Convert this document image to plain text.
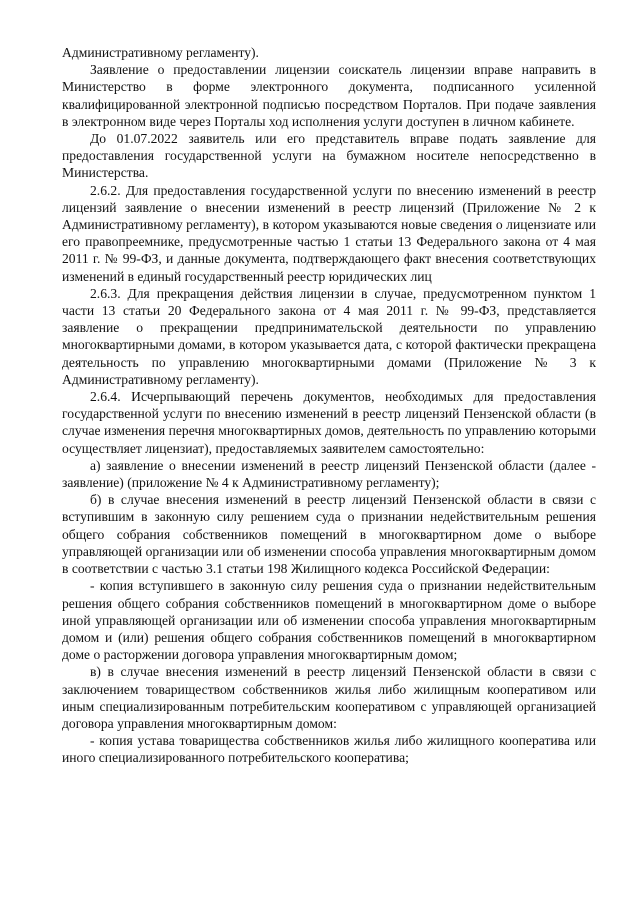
Административному регламенту).

Заявление о предоставлении лицензии соискатель лицензии вправе направить в Министерство в форме электронного документа, подписанного усиленной квалифицированной электронной подписью посредством Порталов. При подаче заявления в электронном виде через Порталы ход исполнения услуги доступен в личном кабинете.

До 01.07.2022 заявитель или его представитель вправе подать заявление для предоставления государственной услуги на бумажном носителе непосредственно в Министерства.

2.6.2. Для предоставления государственной услуги по внесению изменений в реестр лицензий заявление о внесении изменений в реестр лицензий (Приложение № 2 к Административному регламенту), в котором указываются новые сведения о лицензиате или его правопреемнике, предусмотренные частью 1 статьи 13 Федерального закона от 4 мая 2011 г. № 99-ФЗ, и данные документа, подтверждающего факт внесения соответствующих изменений в единый государственный реестр юридических лиц

2.6.3. Для прекращения действия лицензии в случае, предусмотренном пунктом 1 части 13 статьи 20 Федерального закона от 4 мая 2011 г. № 99-ФЗ, представляется заявление о прекращении предпринимательской деятельности по управлению многоквартирными домами, в котором указывается дата, с которой фактически прекращена деятельность по управлению многоквартирными домами (Приложение № 3 к Административному регламенту).

2.6.4. Исчерпывающий перечень документов, необходимых для предоставления государственной услуги по внесению изменений в реестр лицензий Пензенской области (в случае изменения перечня многоквартирных домов, деятельность по управлению которыми осуществляет лицензиат), предоставляемых заявителем самостоятельно:

а) заявление о внесении изменений в реестр лицензий Пензенской области (далее - заявление) (приложение № 4 к Административному регламенту);

б) в случае внесения изменений в реестр лицензий Пензенской области в связи с вступившим в законную силу решением суда о признании недействительным решения общего собрания собственников помещений в многоквартирном доме о выборе управляющей организации или об изменении способа управления многоквартирным домом в соответствии с частью 3.1 статьи 198 Жилищного кодекса Российской Федерации:

- копия вступившего в законную силу решения суда о признании недействительным решения общего собрания собственников помещений в многоквартирном доме о выборе иной управляющей организации или об изменении способа управления многоквартирным домом и (или) решения общего собрания собственников помещений в многоквартирном доме о расторжении договора управления многоквартирным домом;

в) в случае внесения изменений в реестр лицензий Пензенской области в связи с заключением товариществом собственников жилья либо жилищным кооперативом или иным специализированным потребительским кооперативом с управляющей организацией договора управления многоквартирным домом:

- копия устава товарищества собственников жилья либо жилищного кооператива или иного специализированного потребительского кооператива;
